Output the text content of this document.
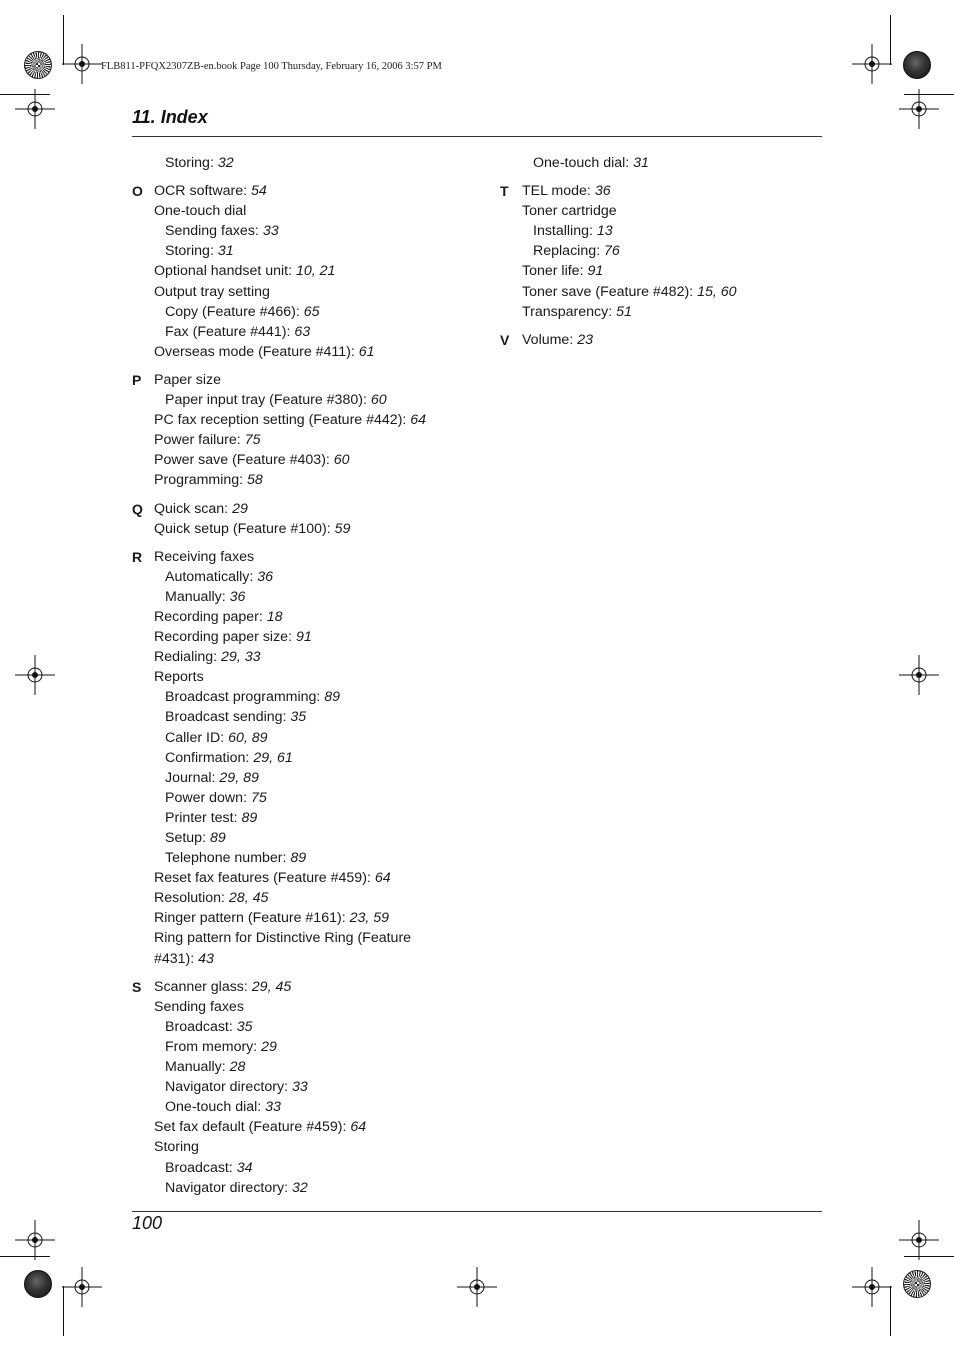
FLB811-PFQX2307ZB-en.book Page 100 Thursday, February 16, 2006 3:57 PM
11. Index
Storing: 32
O OCR software: 54
One-touch dial
Sending faxes: 33
Storing: 31
Optional handset unit: 10, 21
Output tray setting
Copy (Feature #466): 65
Fax (Feature #441): 63
Overseas mode (Feature #411): 61
P Paper size
Paper input tray (Feature #380): 60
PC fax reception setting (Feature #442): 64
Power failure: 75
Power save (Feature #403): 60
Programming: 58
Q Quick scan: 29
Quick setup (Feature #100): 59
R Receiving faxes
Automatically: 36
Manually: 36
Recording paper: 18
Recording paper size: 91
Redialing: 29, 33
Reports
Broadcast programming: 89
Broadcast sending: 35
Caller ID: 60, 89
Confirmation: 29, 61
Journal: 29, 89
Power down: 75
Printer test: 89
Setup: 89
Telephone number: 89
Reset fax features (Feature #459): 64
Resolution: 28, 45
Ringer pattern (Feature #161): 23, 59
Ring pattern for Distinctive Ring (Feature
#431): 43
S Scanner glass: 29, 45
Sending faxes
Broadcast: 35
From memory: 29
Manually: 28
Navigator directory: 33
One-touch dial: 33
Set fax default (Feature #459): 64
Storing
Broadcast: 34
Navigator directory: 32
One-touch dial: 31
T TEL mode: 36
Toner cartridge
Installing: 13
Replacing: 76
Toner life: 91
Toner save (Feature #482): 15, 60
Transparency: 51
V Volume: 23
100
